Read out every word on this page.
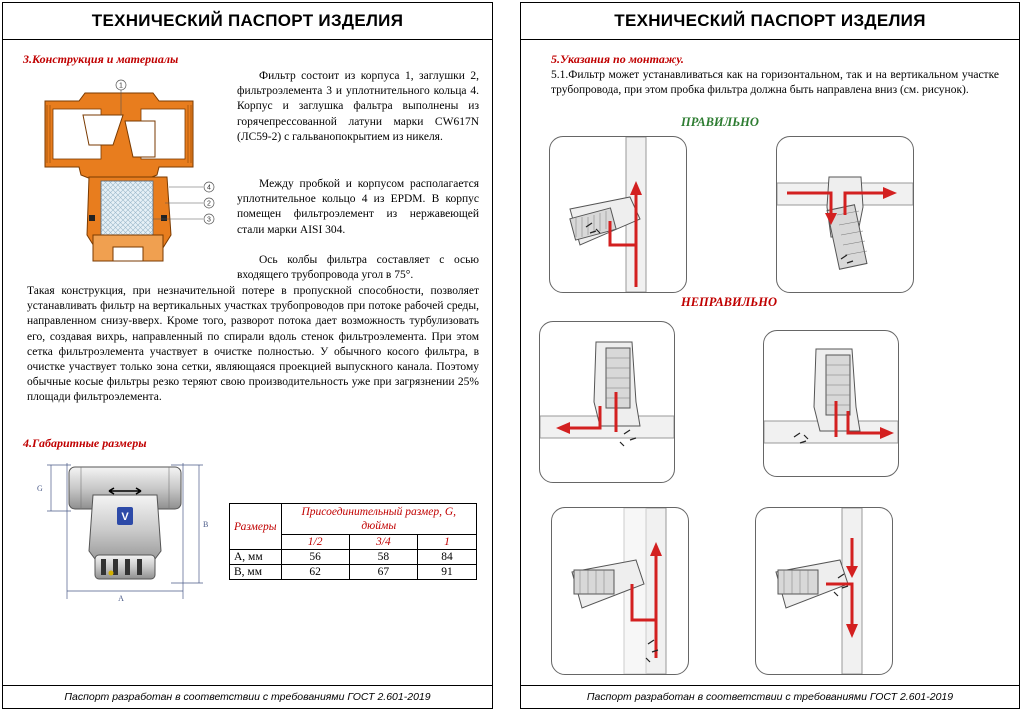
ТЕХНИЧЕСКИЙ ПАСПОРТ ИЗДЕЛИЯ

3.Конструкция и материалы

1
4
2
3

Фильтр состоит из корпуса 1, заглушки 2, фильтроэлемента 3 и уплотнительного кольца 4. Корпус и заглушка фальтра выполнены из горячепрессованной латуни марки CW617N (ЛС59-2) с гальванопокрытием из никеля.

Между пробкой и корпусом располагается уплотнительное кольцо 4 из EPDM. В корпус помещен фильтроэлемент из нержавеющей стали марки AISI 304.

Ось колбы фильтра составляет с осью входящего трубопровода угол в 75°.

Такая конструкция, при незначительной потере в пропускной способности, позволяет устанавливать фильтр на вертикальных участках трубопроводов при потоке рабочей среды, направленном снизу-вверх. Кроме того, разворот потока дает возможность турбулизовать его, создавая вихрь, направленный по спирали вдоль стенок фильтроэлемента. При этом сетка фильтроэлемента участвует в очистке полностью. У обычного косого фильтра, в очистке участвует только зона сетки, являющаяся проекцией выпускного канала. Поэтому обычные косые фильтры резко теряют свою производительность уже при загрязнении 25% площади фильтроэлемента.

4.Габаритные размеры

G
B
A
V
Размеры	Присоединительный размер, G, дюймы		
	1/2	3/4	1
A, мм	56	58	84
B, мм	62	67	91
Паспорт разработан в соответствии с требованиями ГОСТ 2.601-2019
ТЕХНИЧЕСКИЙ ПАСПОРТ ИЗДЕЛИЯ

5.Указания по монтажу.

5.1.Фильтр может устанавливаться как на горизонтальном, так и на вертикальном участке трубопровода, при этом пробка фильтра должна быть направлена вниз (см. рисунок).

ПРАВИЛЬНО

НЕПРАВИЛЬНО

Паспорт разработан в соответствии с требованиями ГОСТ 2.601-2019
